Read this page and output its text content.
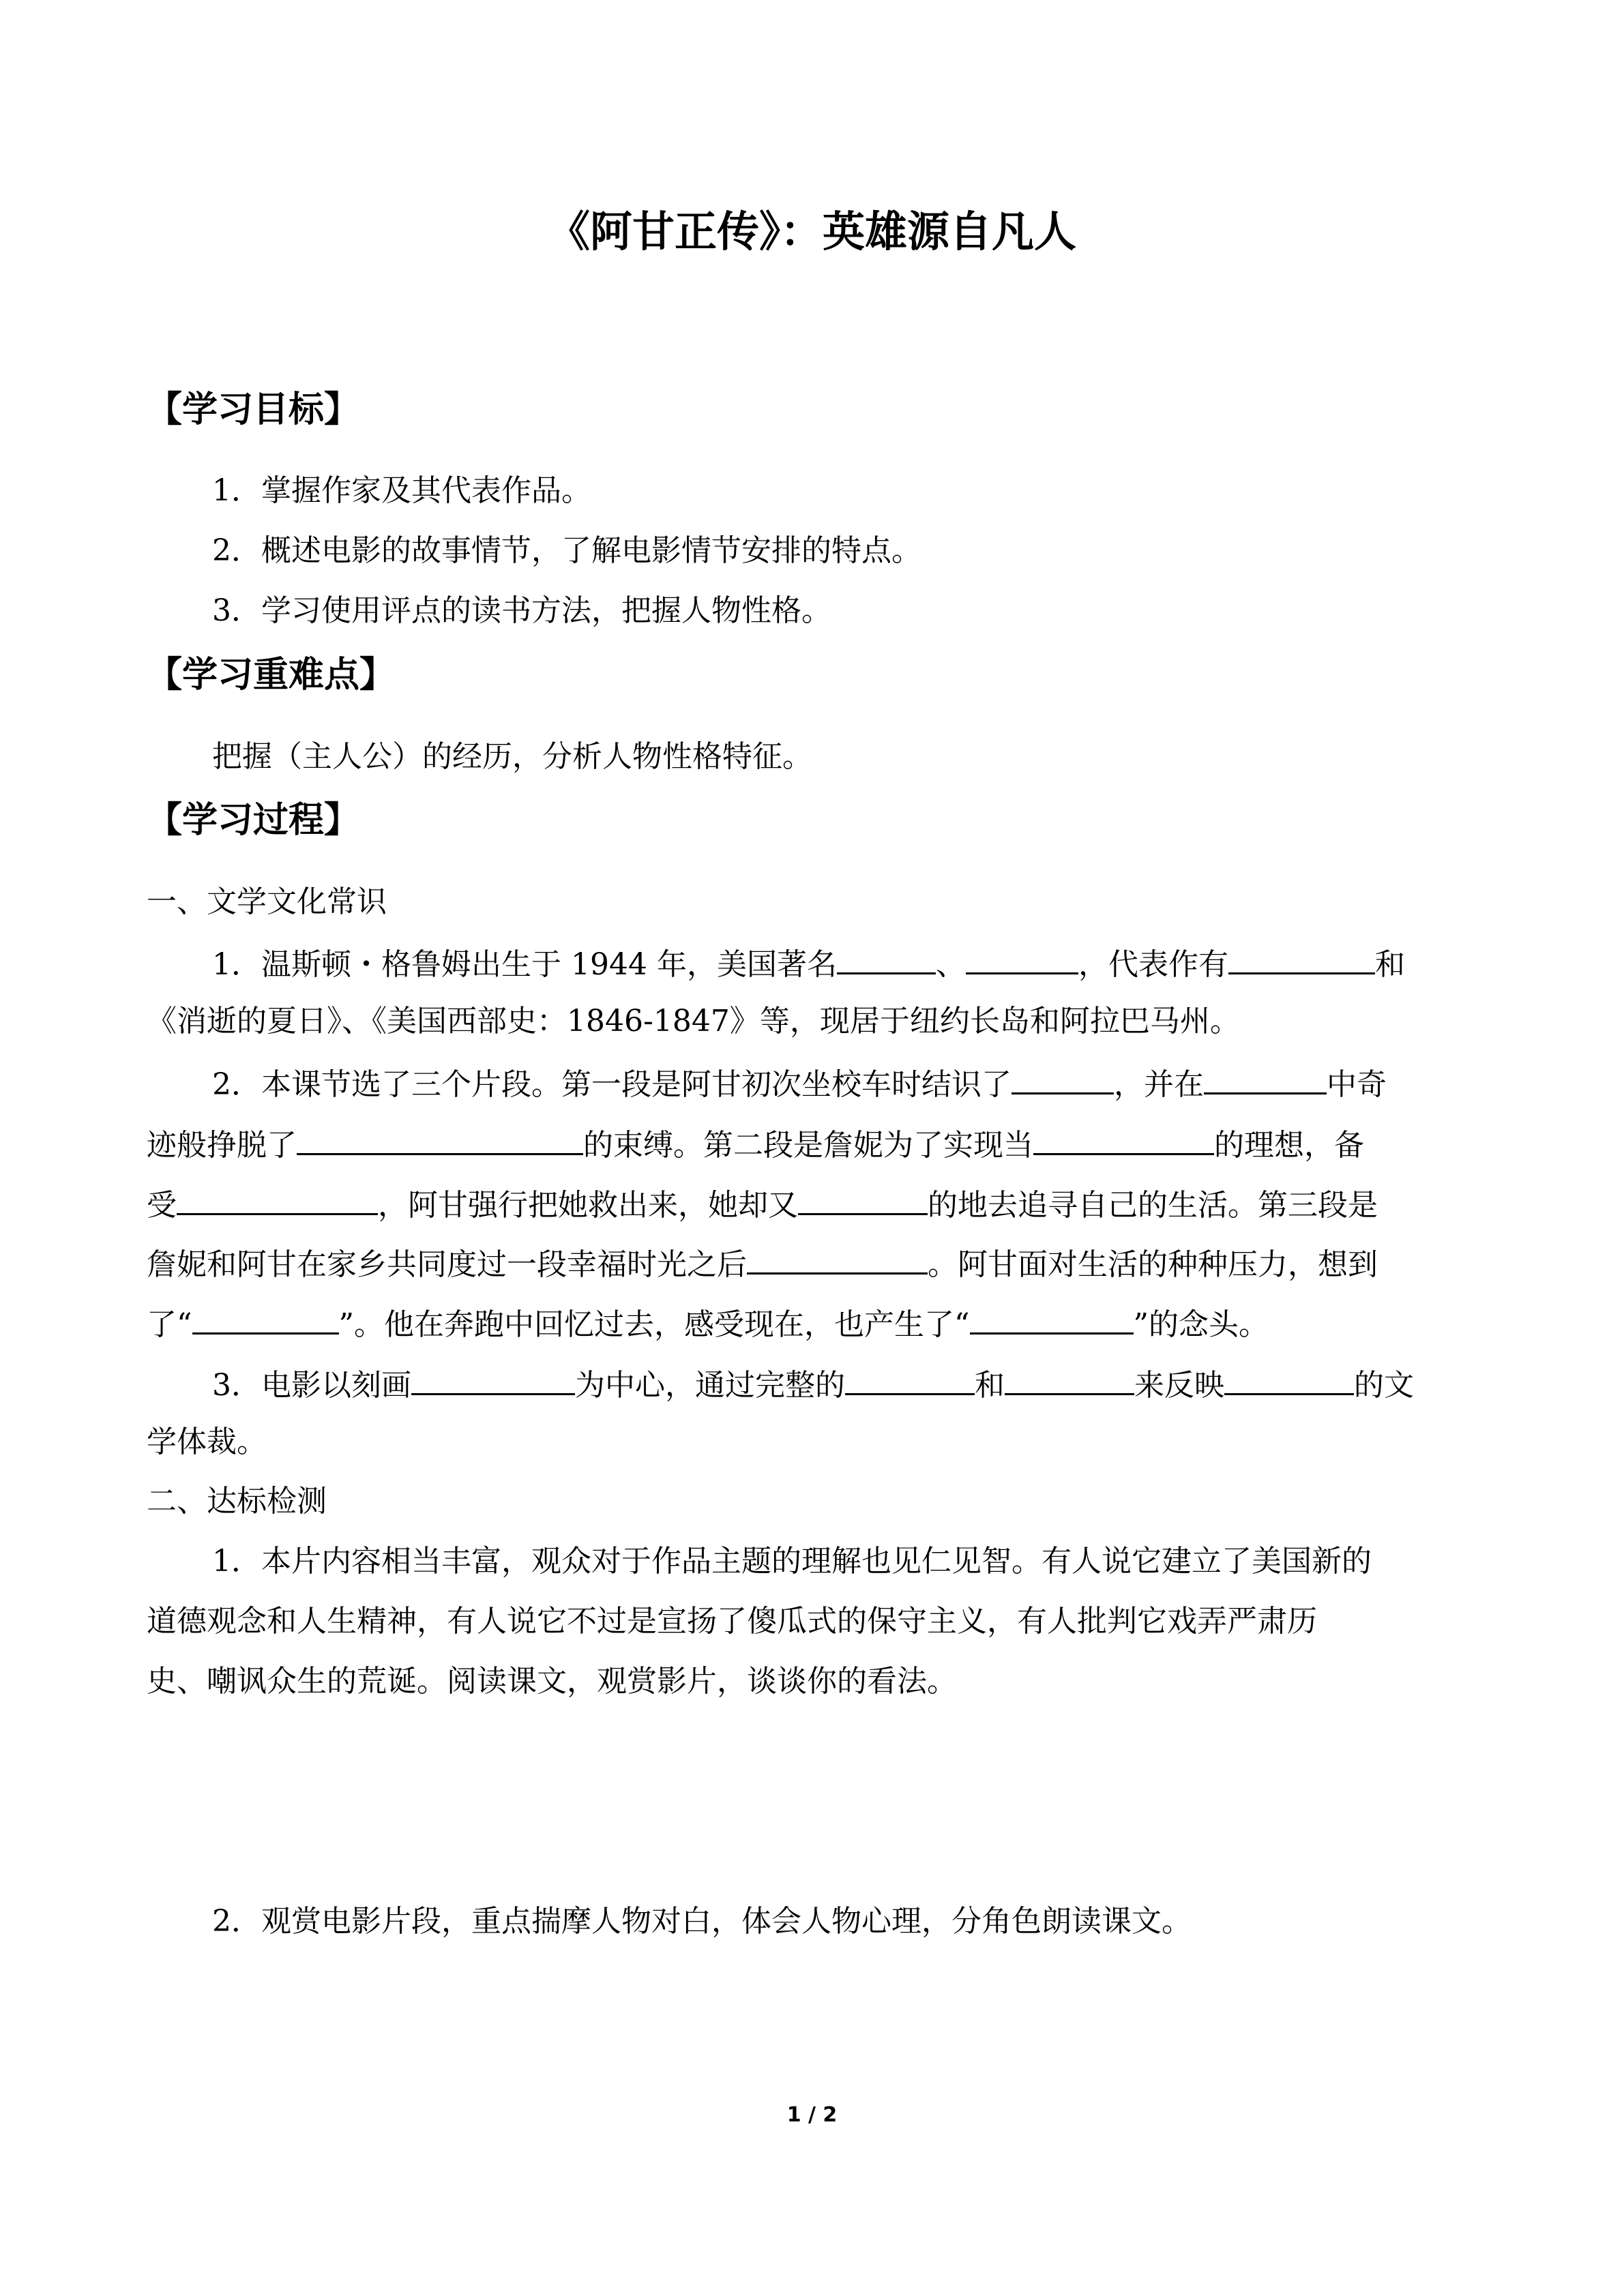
《阿甘正传》：英雄源自凡人
【学习目标】
1．掌握作家及其代表作品。
2．概述电影的故事情节，了解电影情节安排的特点。
3．学习使用评点的读书方法，把握人物性格。
【学习重难点】
把握（主人公）的经历，分析人物性格特征。
【学习过程】
一、文学文化常识
1．温斯顿・格鲁姆出生于 1944 年，美国著名	、	，代表作有	和
《消逝的夏日》、《美国西部史：1846-1847》等，现居于纽约长岛和阿拉巴马州。
2．本课节选了三个片段。第一段是阿甘初次坐校车时结识了	，并在	中奇
迹般挣脱了	的束缚。第二段是詹妮为了实现当	的理想，备
受	，阿甘强行把她救出来，她却又	的地去追寻自己的生活。第三段是
詹妮和阿甘在家乡共同度过一段幸福时光之后	。阿甘面对生活的种种压力，想到
了“	”。他在奔跑中回忆过去，感受现在，也产生了“	”的念头。
3．电影以刻画	为中心，通过完整的	和	来反映	的文
学体裁。
二、达标检测
1．本片内容相当丰富，观众对于作品主题的理解也见仁见智。有人说它建立了美国新的
道德观念和人生精神，有人说它不过是宣扬了傻瓜式的保守主义，有人批判它戏弄严肃历
史、嘲讽众生的荒诞。阅读课文，观赏影片，谈谈你的看法。
2．观赏电影片段，重点揣摩人物对白，体会人物心理，分角色朗读课文。
1 / 2
